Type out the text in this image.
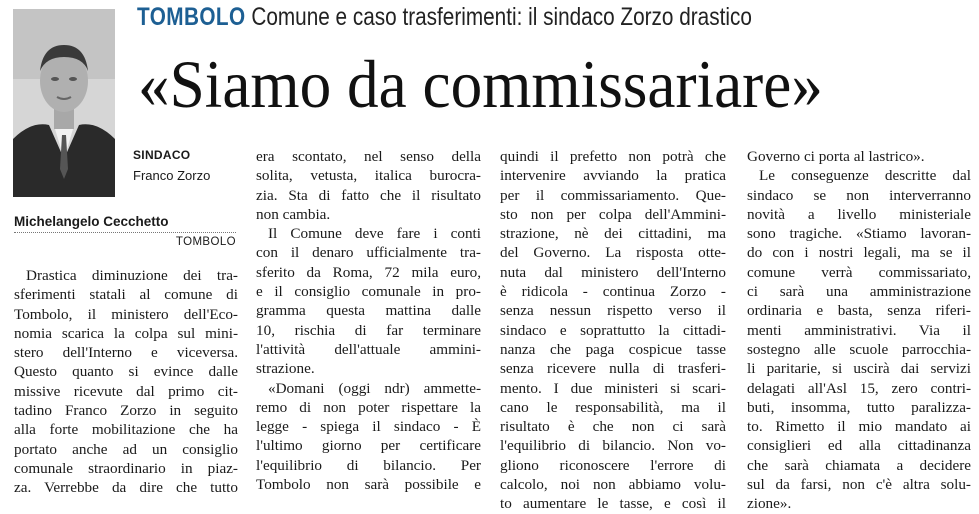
TOMBOLO Comune e caso trasferimenti: il sindaco Zorzo drastico
«Siamo da commissariare»
SINDACO
Franco Zorzo
Michelangelo Cecchetto
TOMBOLO
Drastica diminuzione dei tra-
sferimenti statali al comune di
Tombolo, il ministero dell'Eco-
nomia scarica la colpa sul mini-
stero dell'Interno e viceversa.
Questo quanto si evince dalle
missive ricevute dal primo cit-
tadino Franco Zorzo in seguito
alla forte mobilitazione che ha
portato anche ad un consiglio
comunale straordinario in piaz-
za. Verrebbe da dire che tutto
era scontato, nel senso della
solita, vetusta, italica burocra-
zia. Sta di fatto che il risultato
non cambia.
Il Comune deve fare i conti
con il denaro ufficialmente tra-
sferito da Roma, 72 mila euro,
e il consiglio comunale in pro-
gramma questa mattina dalle
10, rischia di far terminare
l'attività dell'attuale ammini-
strazione.
«Domani (oggi ndr) ammette-
remo di non poter rispettare la
legge - spiega il sindaco - È
l'ultimo giorno per certificare
l'equilibrio di bilancio. Per
Tombolo non sarà possibile e
quindi il prefetto non potrà che
intervenire avviando la pratica
per il commissariamento. Que-
sto non per colpa dell'Ammini-
strazione, nè dei cittadini, ma
del Governo. La risposta otte-
nuta dal ministero dell'Interno
è ridicola - continua Zorzo -
senza nessun rispetto verso il
sindaco e soprattutto la cittadi-
nanza che paga cospicue tasse
senza ricevere nulla di trasferi-
mento. I due ministeri si scari-
cano le responsabilità, ma il
risultato è che non ci sarà
l'equilibrio di bilancio. Non vo-
gliono riconoscere l'errore di
calcolo, noi non abbiamo volu-
to aumentare le tasse, e così il
Governo ci porta al lastrico».
Le conseguenze descritte dal
sindaco se non interverranno
novità a livello ministeriale
sono tragiche. «Stiamo lavoran-
do con i nostri legali, ma se il
comune verrà commissariato,
ci sarà una amministrazione
ordinaria e basta, senza riferi-
menti amministrativi. Via il
sostegno alle scuole parrocchia-
li paritarie, si uscirà dai servizi
delagati all'Asl 15, zero contri-
buti, insomma, tutto paralizza-
to. Rimetto il mio mandato ai
consiglieri ed alla cittadinanza
che sarà chiamata a decidere
sul da farsi, non c'è altra solu-
zione».
